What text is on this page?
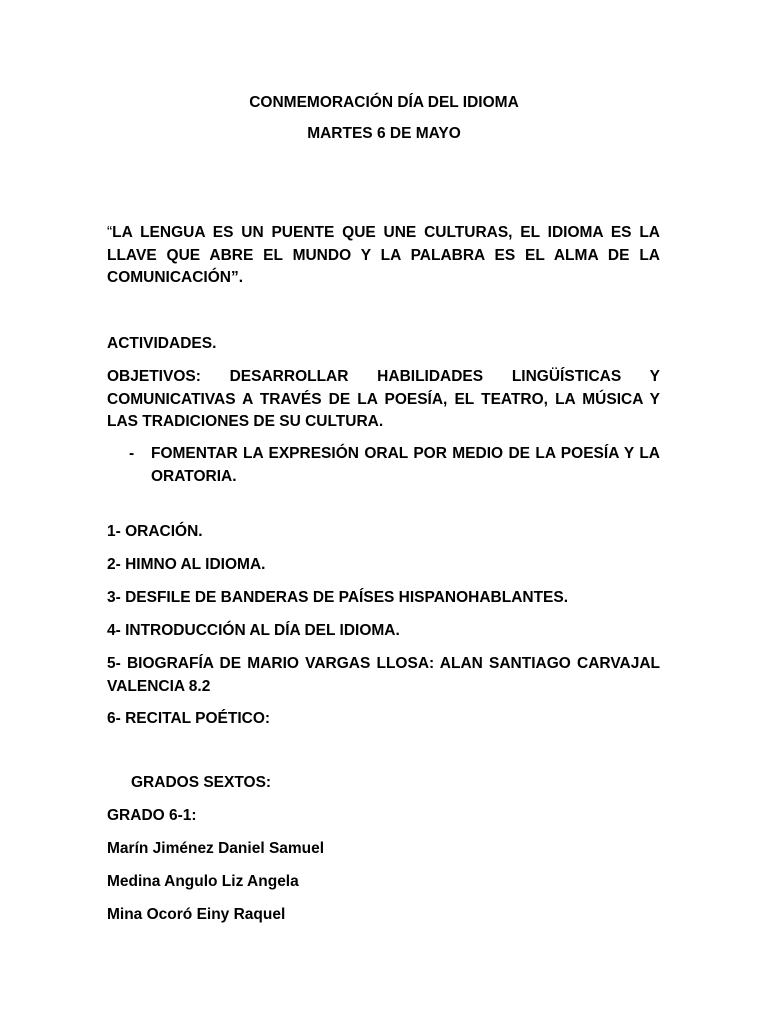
CONMEMORACIÓN DÍA DEL IDIOMA
MARTES 6 DE MAYO
“LA LENGUA ES UN PUENTE QUE UNE CULTURAS, EL IDIOMA ES LA LLAVE QUE ABRE EL MUNDO Y LA PALABRA ES EL ALMA DE LA COMUNICACIÓN”.
ACTIVIDADES.
OBJETIVOS: DESARROLLAR HABILIDADES LINGÜÍSTICAS Y COMUNICATIVAS A TRAVÉS DE LA POESÍA, EL TEATRO, LA MÚSICA Y LAS TRADICIONES DE SU CULTURA.
- FOMENTAR LA EXPRESIÓN ORAL POR MEDIO DE LA POESÍA Y LA ORATORIA.
1- ORACIÓN.
2- HIMNO AL IDIOMA.
3- DESFILE DE BANDERAS DE PAÍSES HISPANOHABLANTES.
4- INTRODUCCIÓN AL DÍA DEL IDIOMA.
5- BIOGRAFÍA DE MARIO VARGAS LLOSA: ALAN SANTIAGO CARVAJAL VALENCIA 8.2
6- RECITAL POÉTICO:
GRADOS SEXTOS:
GRADO 6-1:
Marín Jiménez Daniel Samuel
Medina Angulo Liz Angela
Mina Ocoró Einy Raquel
